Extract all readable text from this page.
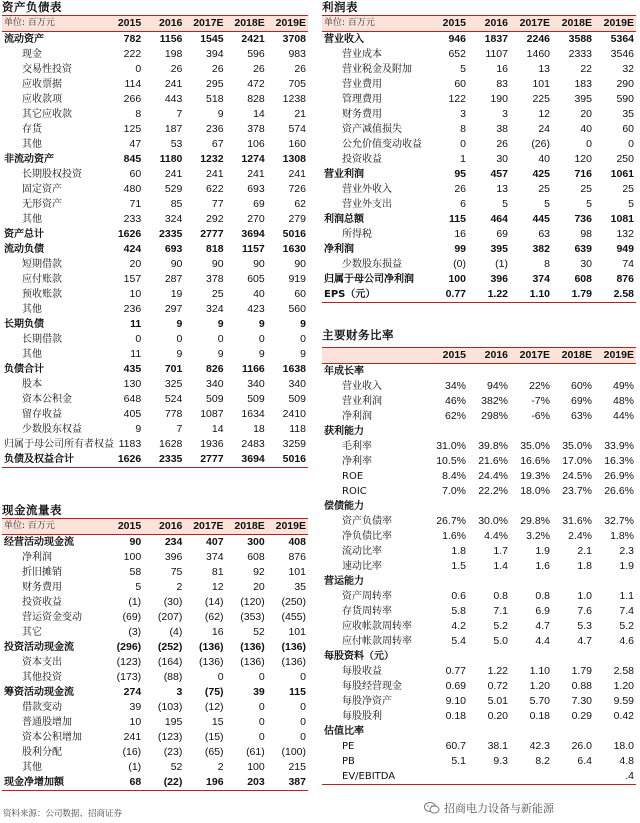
资产负债表
单位: 百万元	2015	2016	2017E	2018E	2019E
流动资产	782	1156	1545	2421	3708
现金	222	198	394	596	983
交易性投资	0	26	26	26	26
应收票据	114	241	295	472	705
应收款项	266	443	518	828	1238
其它应收款	8	7	9	14	21
存货	125	187	236	378	574
其他	47	53	67	106	160
非流动资产	845	1180	1232	1274	1308
长期股权投资	60	241	241	241	241
固定资产	480	529	622	693	726
无形资产	71	85	77	69	62
其他	233	324	292	270	279
资产总计	1626	2335	2777	3694	5016
流动负债	424	693	818	1157	1630
短期借款	20	90	90	90	90
应付账款	157	287	378	605	919
预收账款	10	19	25	40	60
其他	236	297	324	423	560
长期负债	11	9	9	9	9
长期借款	0	0	0	0	0
其他	11	9	9	9	9
负债合计	435	701	826	1166	1638
股本	130	325	340	340	340
资本公积金	648	524	509	509	509
留存收益	405	778	1087	1634	2410
少数股东权益	9	7	14	18	118
归属于母公司所有者权益	1183	1628	1936	2483	3259
负债及权益合计	1626	2335	2777	3694	5016
现金流量表
单位: 百万元	2015	2016	2017E	2018E	2019E
经营活动现金流	90	234	407	300	408
净利润	100	396	374	608	876
折旧摊销	58	75	81	92	101
财务费用	5	2	12	20	35
投资收益	(1)	(30)	(14)	(120)	(250)
营运资金变动	(69)	(207)	(62)	(353)	(455)
其它	(3)	(4)	16	52	101
投资活动现金流	(296)	(252)	(136)	(136)	(136)
资本支出	(123)	(164)	(136)	(136)	(136)
其他投资	(173)	(88)	0	0	0
筹资活动现金流	274	3	(75)	39	115
借款变动	39	(103)	(12)	0	0
普通股增加	10	195	15	0	0
资本公积增加	241	(123)	(15)	0	0
股利分配	(16)	(23)	(65)	(61)	(100)
其他	(1)	52	2	100	215
现金净增加额	68	(22)	196	203	387
利润表
单位: 百万元	2015	2016	2017E	2018E	2019E
营业收入	946	1837	2246	3588	5364
营业成本	652	1107	1460	2333	3546
营业税金及附加	5	16	13	22	32
营业费用	60	83	101	183	290
管理费用	122	190	225	395	590
财务费用	3	3	12	20	35
资产减值损失	8	38	24	40	60
公允价值变动收益	0	26	(26)	0	0
投资收益	1	30	40	120	250
营业利润	95	457	425	716	1061
营业外收入	26	13	25	25	25
营业外支出	6	5	5	5	5
利润总额	115	464	445	736	1081
所得税	16	69	63	98	132
净利润	99	395	382	639	949
少数股东损益	(0)	(1)	8	30	74
归属于母公司净利润	100	396	374	608	876
EPS（元）	0.77	1.22	1.10	1.79	2.58
主要财务比率
	2015	2016	2017E	2018E	2019E
年成长率					
营业收入	34%	94%	22%	60%	49%
营业利润	46%	382%	-7%	69%	48%
净利润	62%	298%	-6%	63%	44%
获利能力					
毛利率	31.0%	39.8%	35.0%	35.0%	33.9%
净利率	10.5%	21.6%	16.6%	17.0%	16.3%
ROE	8.4%	24.4%	19.3%	24.5%	26.9%
ROIC	7.0%	22.2%	18.0%	23.7%	26.6%
偿债能力					
资产负债率	26.7%	30.0%	29.8%	31.6%	32.7%
净负债比率	1.6%	4.4%	3.2%	2.4%	1.8%
流动比率	1.8	1.7	1.9	2.1	2.3
速动比率	1.5	1.4	1.6	1.8	1.9
营运能力					
资产周转率	0.6	0.8	0.8	1.0	1.1
存货周转率	5.8	7.1	6.9	7.6	7.4
应收帐款周转率	4.2	5.2	4.7	5.3	5.2
应付帐款周转率	5.4	5.0	4.4	4.7	4.6
每股资料（元）					
每股收益	0.77	1.22	1.10	1.79	2.58
每股经营现金	0.69	0.72	1.20	0.88	1.20
每股净资产	9.10	5.01	5.70	7.30	9.59
每股股利	0.18	0.20	0.18	0.29	0.42
估值比率					
PE	60.7	38.1	42.3	26.0	18.0
PB	5.1	9.3	8.2	6.4	4.8
EV/EBITDA					.4
资料来源：公司数据、招商证券	招商电力设备与新能源
